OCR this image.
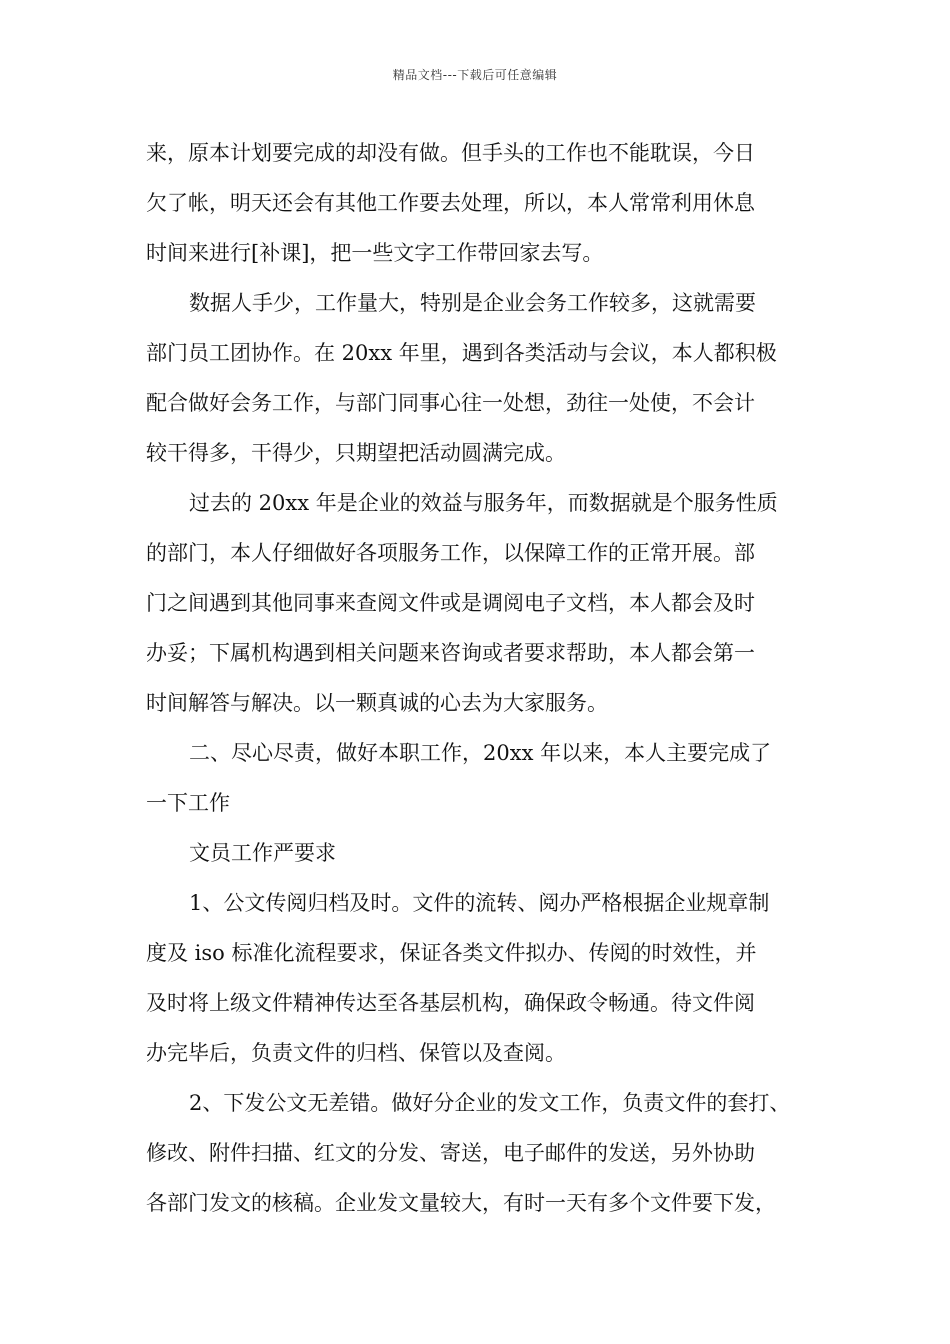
精品文档---下载后可任意编辑
来，原本计划要完成的却没有做。但手头的工作也不能耽误，今日
欠了帐，明天还会有其他工作要去处理，所以，本人常常利用休息
时间来进行[补课]，把一些文字工作带回家去写。
数据人手少，工作量大，特别是企业会务工作较多，这就需要
部门员工团协作。在 20xx 年里，遇到各类活动与会议，本人都积极
配合做好会务工作，与部门同事心往一处想，劲往一处使，不会计
较干得多，干得少，只期望把活动圆满完成。
过去的 20xx 年是企业的效益与服务年，而数据就是个服务性质
的部门，本人仔细做好各项服务工作，以保障工作的正常开展。部
门之间遇到其他同事来查阅文件或是调阅电子文档，本人都会及时
办妥；下属机构遇到相关问题来咨询或者要求帮助，本人都会第一
时间解答与解决。以一颗真诚的心去为大家服务。
二、尽心尽责，做好本职工作，20xx 年以来，本人主要完成了
一下工作
文员工作严要求
1、公文传阅归档及时。文件的流转、阅办严格根据企业规章制
度及 iso 标准化流程要求，保证各类文件拟办、传阅的时效性，并
及时将上级文件精神传达至各基层机构，确保政令畅通。待文件阅
办完毕后，负责文件的归档、保管以及查阅。
2、下发公文无差错。做好分企业的发文工作，负责文件的套打、
修改、附件扫描、红文的分发、寄送，电子邮件的发送，另外协助
各部门发文的核稿。企业发文量较大，有时一天有多个文件要下发，
